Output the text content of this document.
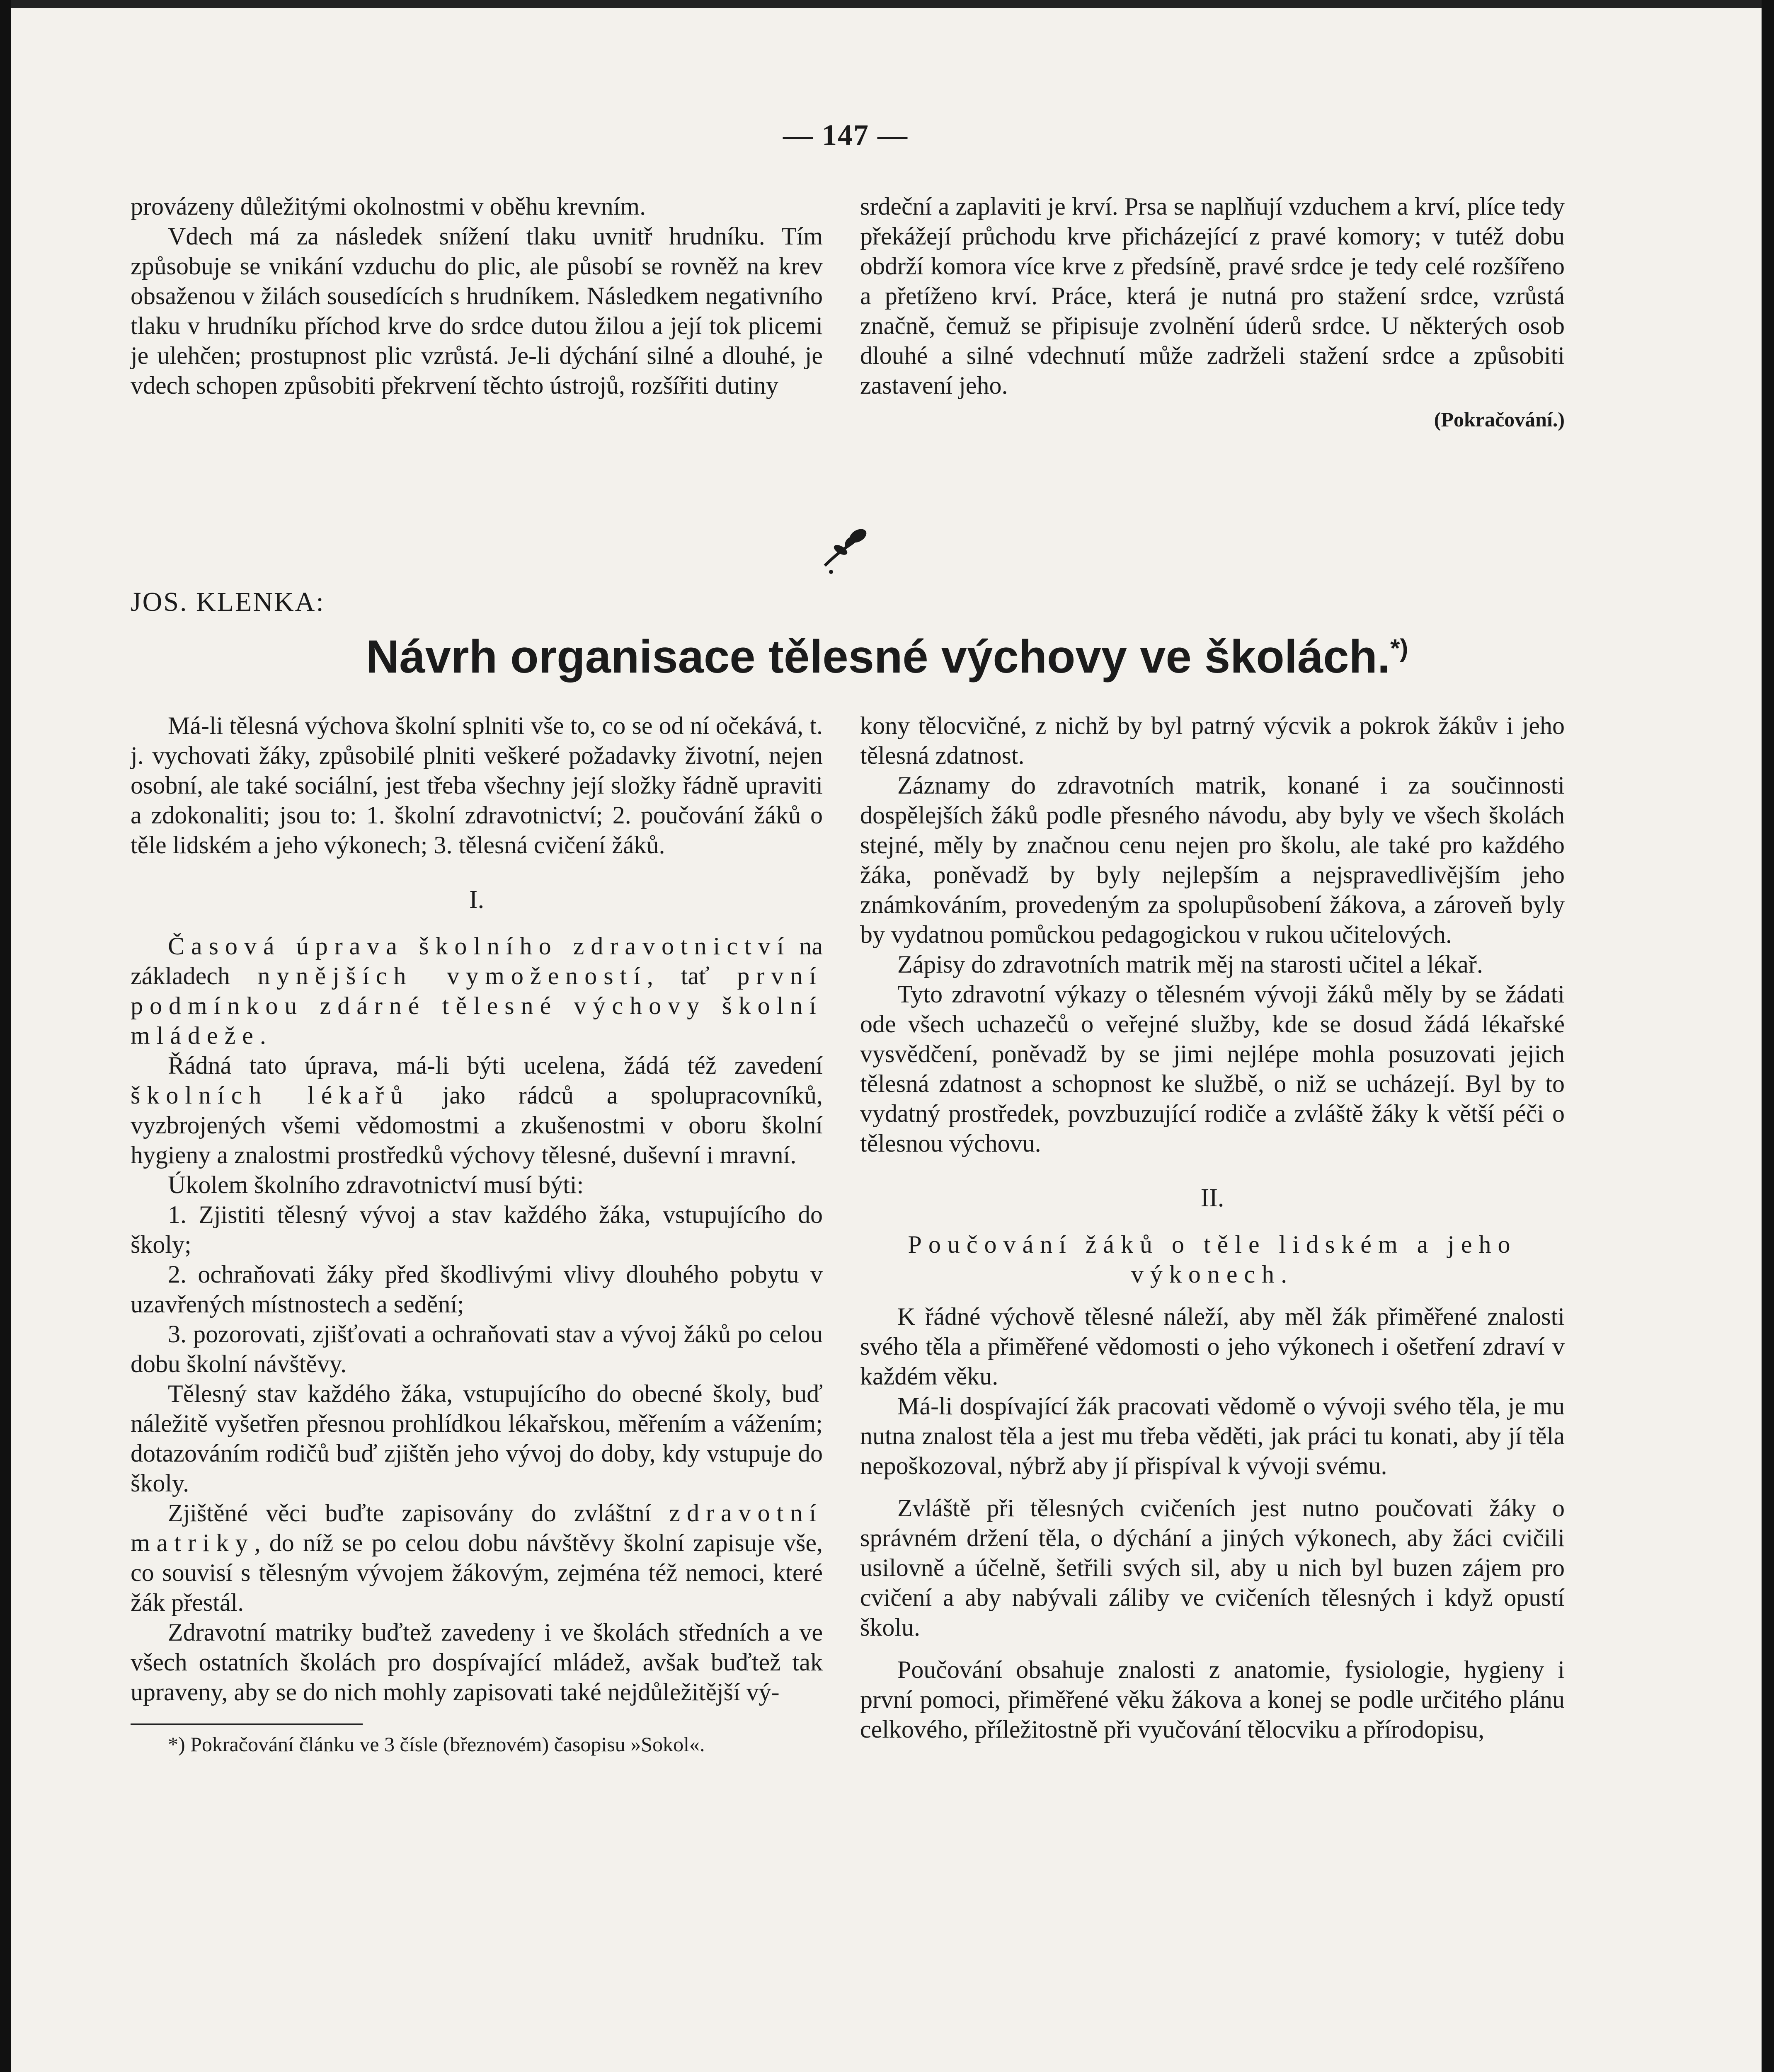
— 147 —

provázeny důležitými okolnostmi v oběhu krevním.

Vdech má za následek snížení tlaku uvnitř hrudníku. Tím způsobuje se vnikání vzduchu do plic, ale působí se rovněž na krev obsaženou v žilách sousedících s hrudníkem. Následkem negativního tlaku v hrudníku příchod krve do srdce dutou žilou a její tok plicemi je ulehčen; prostupnost plic vzrůstá. Je-li dýchání silné a dlouhé, je vdech schopen způsobiti překrvení těchto ústrojů, rozšířiti dutiny

srdeční a zaplaviti je krví. Prsa se naplňují vzduchem a krví, plíce tedy překážejí průchodu krve přicházející z pravé komory; v tutéž dobu obdrží komora více krve z předsíně, pravé srdce je tedy celé rozšířeno a přetíženo krví. Práce, která je nutná pro stažení srdce, vzrůstá značně, čemuž se připisuje zvolnění úderů srdce. U některých osob dlouhé a silné vdechnutí může zadrželi stažení srdce a způsobiti zastavení jeho.

(Pokračování.)

JOS. KLENKA:
Návrh organisace tělesné výchovy ve školách.*)

Má-li tělesná výchova školní splniti vše to, co se od ní očekává, t. j. vychovati žáky, způsobilé plniti veškeré požadavky životní, nejen osobní, ale také sociální, jest třeba všechny její složky řádně upraviti a zdokonaliti; jsou to: 1. školní zdravotnictví; 2. poučování žáků o těle lidském a jeho výkonech; 3. tělesná cvičení žáků.

I.

Časová úprava školního zdravotnictví na základech nynějších vymožeností, tať první podmínkou zdárné tělesné výchovy školní mládeže.

Řádná tato úprava, má-li býti ucelena, žádá též zavedení školních lékařů jako rádců a spolupracovníků, vyzbrojených všemi vědomostmi a zkušenostmi v oboru školní hygieny a znalostmi prostředků výchovy tělesné, duševní i mravní.

Úkolem školního zdravotnictví musí býti:

1. Zjistiti tělesný vývoj a stav každého žáka, vstupujícího do školy;

2. ochraňovati žáky před škodlivými vlivy dlouhého pobytu v uzavřených místnostech a sedění;

3. pozorovati, zjišťovati a ochraňovati stav a vývoj žáků po celou dobu školní návštěvy.

Tělesný stav každého žáka, vstupujícího do obecné školy, buď náležitě vyšetřen přesnou prohlídkou lékařskou, měřením a vážením; dotazováním rodičů buď zjištěn jeho vývoj do doby, kdy vstupuje do školy.

Zjištěné věci buďte zapisovány do zvláštní zdravotní matriky, do níž se po celou dobu návštěvy školní zapisuje vše, co souvisí s tělesným vývojem žákovým, zejména též nemoci, které žák přestál.

Zdravotní matriky buďtež zavedeny i ve školách středních a ve všech ostatních školách pro dospívající mládež, avšak buďtež tak upraveny, aby se do nich mohly zapisovati také nejdůležitější vý-

*) Pokračování článku ve 3 čísle (březnovém) časopisu »Sokol«.

kony tělocvičné, z nichž by byl patrný výcvik a pokrok žákův i jeho tělesná zdatnost.

Záznamy do zdravotních matrik, konané i za součinnosti dospělejších žáků podle přesného návodu, aby byly ve všech školách stejné, měly by značnou cenu nejen pro školu, ale také pro každého žáka, poněvadž by byly nejlepším a nejspravedlivějším jeho známkováním, provedeným za spolupůsobení žákova, a zároveň byly by vydatnou pomůckou pedagogickou v rukou učitelových.

Zápisy do zdravotních matrik měj na starosti učitel a lékař.

Tyto zdravotní výkazy o tělesném vývoji žáků měly by se žádati ode všech uchazečů o veřejné služby, kde se dosud žádá lékařské vysvědčení, poněvadž by se jimi nejlépe mohla posuzovati jejich tělesná zdatnost a schopnost ke službě, o niž se ucházejí. Byl by to vydatný prostředek, povzbuzující rodiče a zvláště žáky k větší péči o tělesnou výchovu.

II.

Poučování žáků o těle lidském a jeho výkonech.

K řádné výchově tělesné náleží, aby měl žák přiměřené znalosti svého těla a přiměřené vědomosti o jeho výkonech i ošetření zdraví v každém věku.

Má-li dospívající žák pracovati vědomě o vývoji svého těla, je mu nutna znalost těla a jest mu třeba věděti, jak práci tu konati, aby jí těla nepoškozoval, nýbrž aby jí přispíval k vývoji svému.

Zvláště při tělesných cvičeních jest nutno poučovati žáky o správném držení těla, o dýchání a jiných výkonech, aby žáci cvičili usilovně a účelně, šetřili svých sil, aby u nich byl buzen zájem pro cvičení a aby nabývali záliby ve cvičeních tělesných i když opustí školu.

Poučování obsahuje znalosti z anatomie, fysiologie, hygieny i první pomoci, přiměřené věku žákova a konej se podle určitého plánu celkového, příležitostně při vyučování tělocviku a přírodopisu,
